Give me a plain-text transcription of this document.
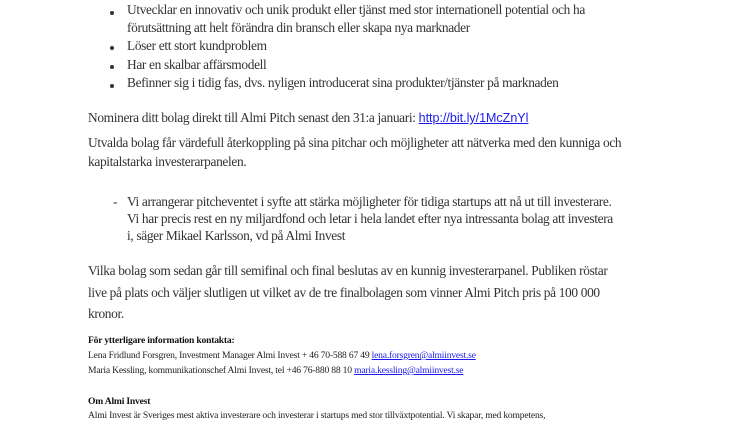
Utvecklar en innovativ och unik produkt eller tjänst med stor internationell potential och ha
förutsättning att helt förändra din bransch eller skapa nya marknader
Löser ett stort kundproblem
Har en skalbar affärsmodell
Befinner sig i tidig fas, dvs. nyligen introducerat sina produkter/tjänster på marknaden
Nominera ditt bolag direkt till Almi Pitch senast den 31:a januari: http://bit.ly/1McZnYl
Utvalda bolag får värdefull återkoppling på sina pitchar och möjligheter att nätverka med den kunniga och
kapitalstarka investerarpanelen.
- Vi arrangerar pitcheventet i syfte att stärka möjligheter för tidiga startups att nå ut till investerare.
Vi har precis rest en ny miljardfond och letar i hela landet efter nya intressanta bolag att investera
i, säger Mikael Karlsson, vd på Almi Invest
Vilka bolag som sedan går till semifinal och final beslutas av en kunnig investerarpanel. Publiken röstar
live på plats och väljer slutligen ut vilket av de tre finalbolagen som vinner Almi Pitch pris på 100 000
kronor.
För ytterligare information kontakta:
Lena Fridlund Forsgren, Investment Manager Almi Invest + 46 70-588 67 49 lena.forsgren@almiinvest.se
Maria Kessling, kommunikationschef Almi Invest, tel +46 76-880 88 10 maria.kessling@almiinvest.se
Om Almi Invest
Almi Invest är Sveriges mest aktiva investerare och investerar i startups med stor tillväxtpotential. Vi skapar, med kompetens,
